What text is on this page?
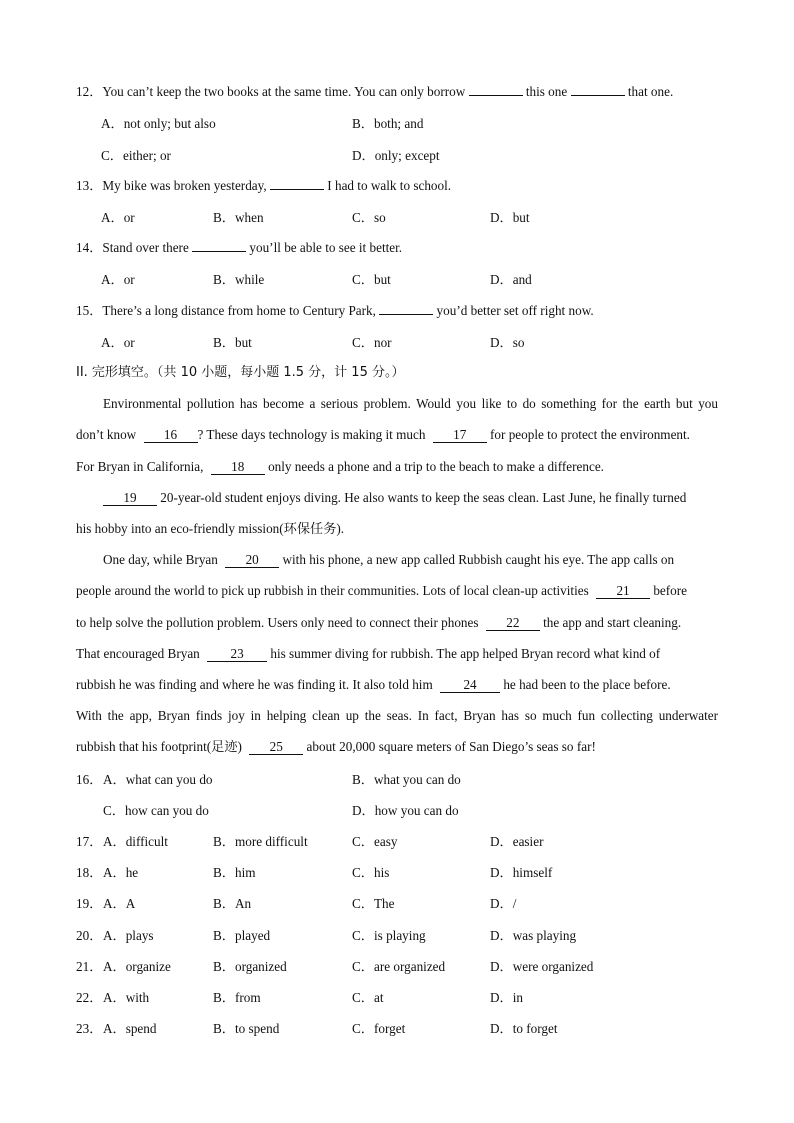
12．You can’t keep the two books at the same time. You can only borrow	this one	that one.
A．not only; but also	B．both; and
C．either; or	D．only; except
13．My bike was broken yesterday,	I had to walk to school.
A．or	B．when	C．so	D．but
14．Stand over there	you’ll be able to see it better.
A．or	B．while	C．but	D．and
15．There’s a long distance from home to Century Park,	you’d better set off right now.
A．or	B．but	C．nor	D．so
II. 完形填空。（共 10 小题，每小题 1.5 分，计 15 分。）
Environmental pollution has become a serious problem. Would you like to do something for the earth but you
don’t know 16 ? These days technology is making it much 17 for people to protect the environment.
For Bryan in California, 18 only needs a phone and a trip to the beach to make a difference.
19 20-year-old student enjoys diving. He also wants to keep the seas clean. Last June, he finally turned
his hobby into an eco-friendly mission(环保任务).
One day, while Bryan 20 with his phone, a new app called Rubbish caught his eye. The app calls on
people around the world to pick up rubbish in their communities. Lots of local clean-up activities 21 before
to help solve the pollution problem. Users only need to connect their phones 22 the app and start cleaning.
That encouraged Bryan 23 his summer diving for rubbish. The app helped Bryan record what kind of
rubbish he was finding and where he was finding it. It also told him 24 he had been to the place before.
With the app, Bryan finds joy in helping clean up the seas. In fact, Bryan has so much fun collecting underwater
rubbish that his footprint(足迹) 25 about 20,000 square meters of San Diego’s seas so far!
16． A．what can you do	B．what you can do
C．how can you do	D．how you can do
17． A．difficult	B．more difficult	C．easy	D．easier
18． A．he	B．him	C．his	D．himself
19． A．A	B．An	C．The	D．/
20． A．plays	B．played	C．is playing	D．was playing
21． A．organize	B．organized	C．are organized	D．were organized
22． A．with	B．from	C．at	D．in
23． A．spend	B．to spend	C．forget	D．to forget
